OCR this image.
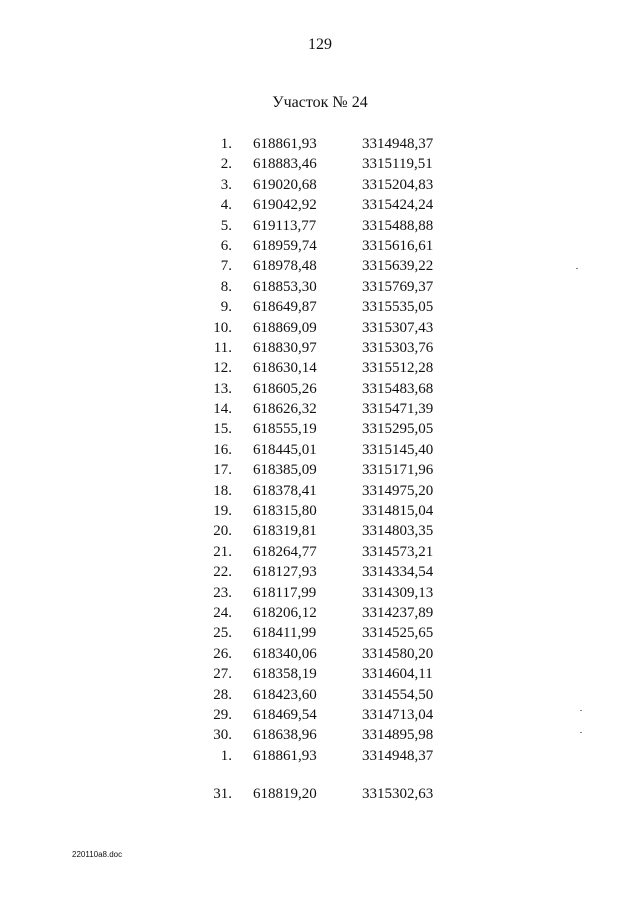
129
Участок № 24
1. 618861,93	3314948,37
2. 618883,46	3315119,51
3. 619020,68	3315204,83
4. 619042,92	3315424,24
5. 619113,77	3315488,88
6. 618959,74	3315616,61
7. 618978,48	3315639,22
8. 618853,30	3315769,37
9. 618649,87	3315535,05
10. 618869,09	3315307,43
11. 618830,97	3315303,76
12. 618630,14	3315512,28
13. 618605,26	3315483,68
14. 618626,32	3315471,39
15. 618555,19	3315295,05
16. 618445,01	3315145,40
17. 618385,09	3315171,96
18. 618378,41	3314975,20
19. 618315,80	3314815,04
20. 618319,81	3314803,35
21. 618264,77	3314573,21
22. 618127,93	3314334,54
23. 618117,99	3314309,13
24. 618206,12	3314237,89
25. 618411,99	3314525,65
26. 618340,06	3314580,20
27. 618358,19	3314604,11
28. 618423,60	3314554,50
29. 618469,54	3314713,04
30. 618638,96	3314895,98
1. 618861,93	3314948,37
31. 618819,20	3315302,63
220110a8.doc
